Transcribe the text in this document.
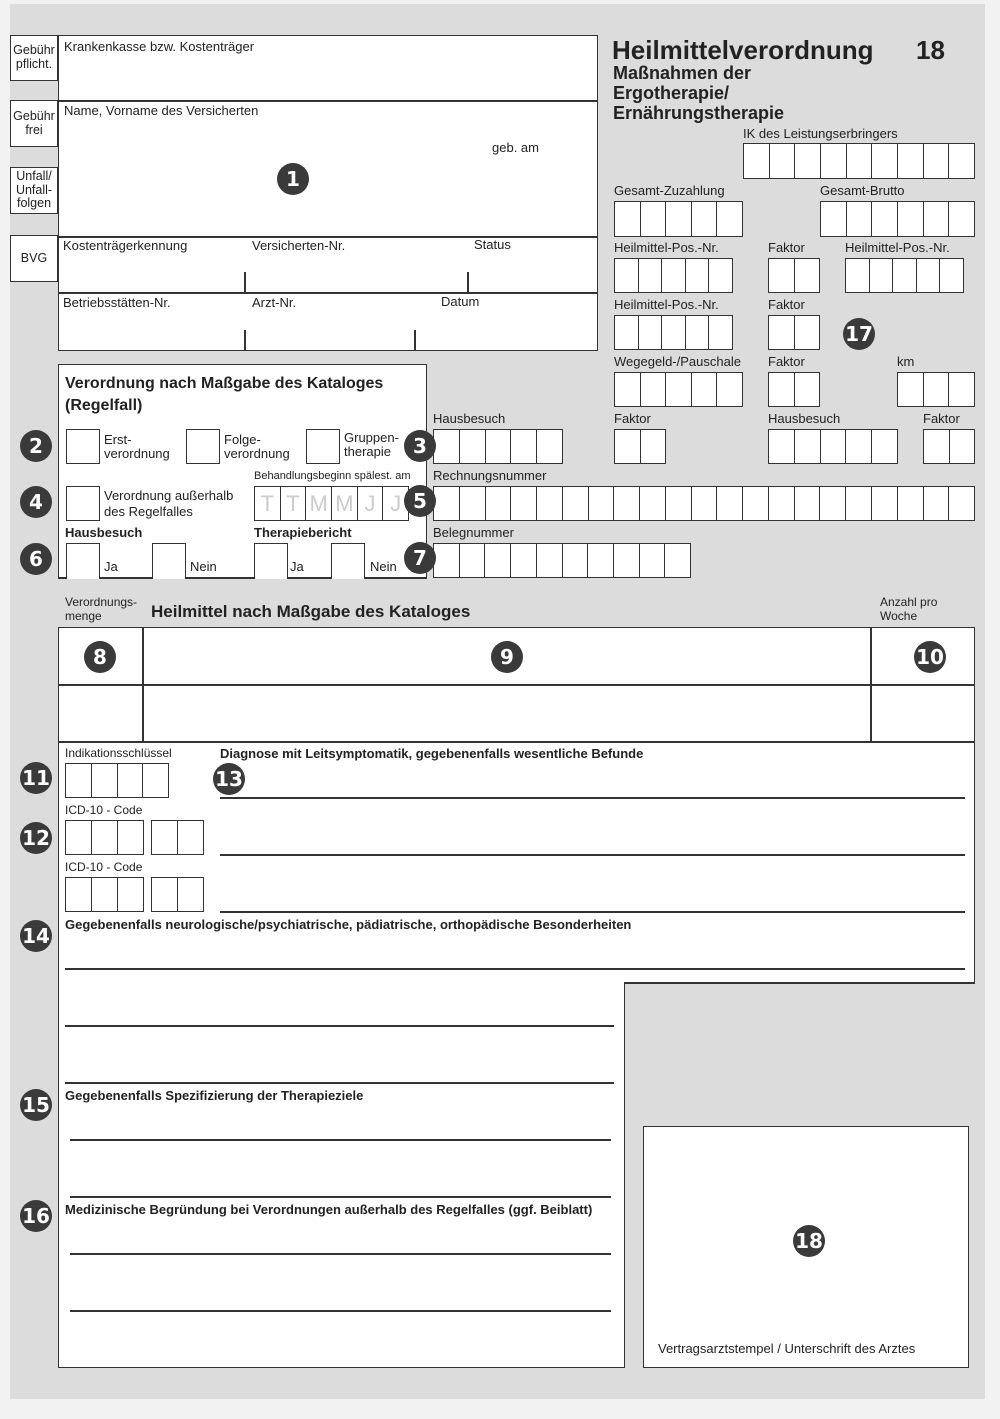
Gebühr pflicht.
Gebühr frei
Unfall/ Unfall-folgen
BVG
Krankenkasse bzw. Kostenträger
Name, Vorname des Versicherten
geb. am
Kostenträgerkennung	Versicherten-Nr.	Status
Betriebsstätten-Nr.	Arzt-Nr.	Datum
Heilmittelverordnung 18
Maßnahmen der
Ergotherapie/
Ernährungstherapie
IK des Leistungserbringers
Gesamt-Zuzahlung	Gesamt-Brutto
Heilmittel-Pos.-Nr.	Faktor	Heilmittel-Pos.-Nr.
Heilmittel-Pos.-Nr.	Faktor
Wegegeld-/Pauschale Faktor	km
Hausbesuch	Faktor	Hausbesuch	Faktor
Rechnungsnummer
Belegnummer
Verordnung nach Maßgabe des Kataloges
(Regelfall)
Erst-
verordnung
Folge-
verordnung
Gruppen-
therapie
Behandlungsbeginn spälest. am
Verordnung außerhalb
des Regelfalles	T T M M J J
Hausbesuch	Therapiebericht
Ja	Nein	Ja	Nein
Verordnungs-
menge	Heilmittel nach Maßgabe des Kataloges	Anzahl pro
Woche
Indikationsschlüssel
ICD-10 - Code
ICD-10 - Code
Diagnose mit Leitsymptomatik, gegebenenfalls wesentliche Befunde
Gegebenenfalls neurologische/psychiatrische, pädiatrische, orthopädische Besonderheiten
Gegebenenfalls Spezifizierung der Therapieziele
Medizinische Begründung bei Verordnungen außerhalb des Regelfalles (ggf. Beiblatt)
Vertragsarztstempel / Unterschrift des Arztes
1
2	3
4	5
6	7
8	9	10
11
12
13
14
15
16
17
18
